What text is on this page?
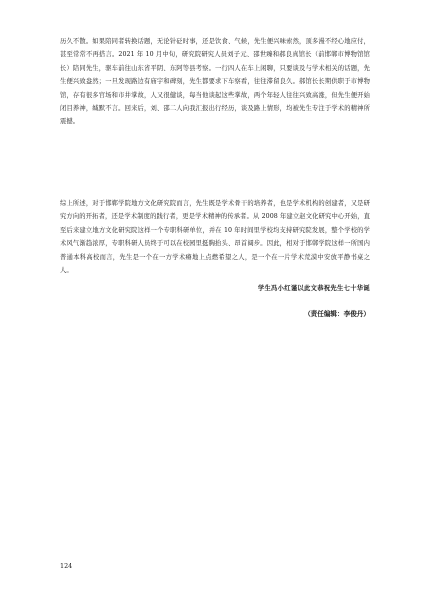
历久不散。如果陪同者转换话题，无论针砭时事，还是饮食、气候，先生便兴味索然，顶多漫不经心地应付，甚至常常不再搭言。2021 年 10 月中旬，研究院研究人员刘子元、邵世臻和郝良真馆长（前邯郸市博物馆馆长）陪同先生，驱车前往山东省平阴、东阿等县考察。一行四人在车上闲聊，只要谈及与学术相关的话题，先生便兴致盎然；一旦发现路边有庙宇和碑刻，先生都要求下车察看，往往滞留良久。郝馆长长期供职于市博物馆，存有很多官场和市井掌故，人又很健谈，每当他谈起这些掌故，两个年轻人往往兴致高涨，但先生便开始闭目养神，缄默不言。回来后，刘、邵二人向我汇报出行经历，谈及路上情形，均被先生专注于学术的精神所震撼。

综上所述，对于邯郸学院地方文化研究院而言，先生既是学术骨干的培养者，也是学术机构的创建者，又是研究方向的开拓者，还是学术制度的践行者，更是学术精神的传承者。从 2008 年建立赵文化研究中心开始，直至后来建立地方文化研究院这样一个专职科研单位，并在 10 年时间里学校均支持研究院发展，整个学校的学术风气渐趋浓厚，专职科研人员终于可以在校园里挺胸抬头、昂首阔步。因此，相对于邯郸学院这样一所国内普通本科高校而言，先生是一个在一方学术瘠地上点燃希望之人，是一个在一片学术荒漠中安放平静书桌之人。

学生冯小红谨以此文恭祝先生七十华诞
（责任编辑：李俊丹）
124
